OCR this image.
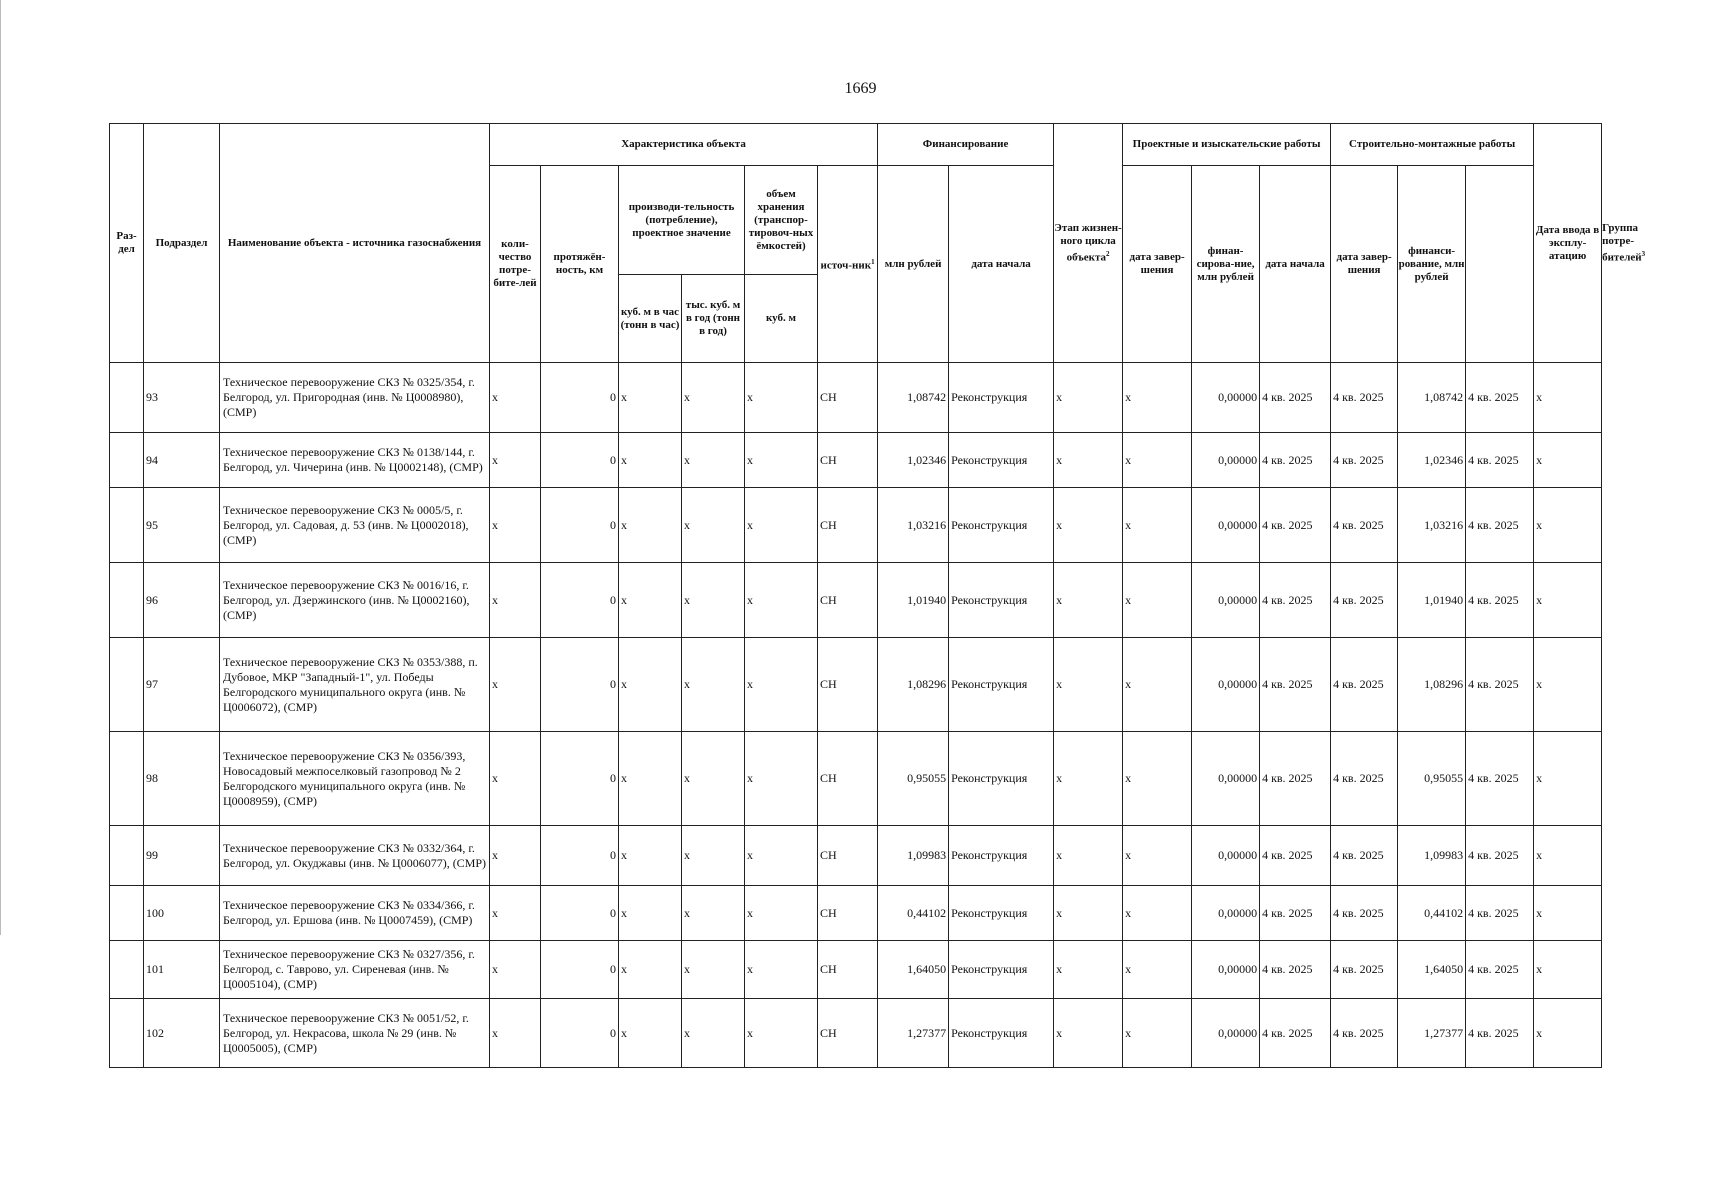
1669
Раз-дел	Подраздел	Наименование объекта - источника газоснабжения	Характеристика объекта						Финансирование		Этап жизнен-ного цикла объекта$^2$	Проектные и изыскательские работы			Строительно-монтажные работы			Дата ввода в эксплу-атацию	Группа потре-бителей$^3$
			коли-чество потре-бите-лей	протяжён-ность, км	производи-тельность (потребление), проектное значение		объем хранения (транспор-тировоч-ных ёмкостей)	источ-ник$^1$	млн рублей	дата начала		дата завер-шения	финан-сирова-ние, млн рублей	дата начала	дата завер-шения	финанси-рование, млн рублей			
					куб. м в час (тонн в час)	тыс. куб. м в год (тонн в год)	куб. м												
	93	Техническое перевооружение СКЗ № 0325/354, г. Белгород, ул. Пригородная (инв. № Ц0008980), (СМР)	x	0	x	x	x	СН	1,08742	Реконструкция	x	x	0,00000	4 кв. 2025	4 кв. 2025	1,08742	4 кв. 2025	x	
	94	Техническое перевооружение СКЗ № 0138/144, г. Белгород, ул. Чичерина (инв. № Ц0002148), (СМР)	x	0	x	x	x	СН	1,02346	Реконструкция	x	x	0,00000	4 кв. 2025	4 кв. 2025	1,02346	4 кв. 2025	x	
	95	Техническое перевооружение СКЗ № 0005/5, г. Белгород, ул. Садовая, д. 53 (инв. № Ц0002018), (СМР)	x	0	x	x	x	СН	1,03216	Реконструкция	x	x	0,00000	4 кв. 2025	4 кв. 2025	1,03216	4 кв. 2025	x	
	96	Техническое перевооружение СКЗ № 0016/16, г. Белгород, ул. Дзержинского (инв. № Ц0002160), (СМР)	x	0	x	x	x	СН	1,01940	Реконструкция	x	x	0,00000	4 кв. 2025	4 кв. 2025	1,01940	4 кв. 2025	x	
	97	Техническое перевооружение СКЗ № 0353/388, п. Дубовое, МКР "Западный-1", ул. Победы Белгородского муниципального округа (инв. № Ц0006072), (СМР)	x	0	x	x	x	СН	1,08296	Реконструкция	x	x	0,00000	4 кв. 2025	4 кв. 2025	1,08296	4 кв. 2025	x	
	98	Техническое перевооружение СКЗ № 0356/393, Новосадовый межпоселковый газопровод № 2 Белгородского муниципального округа (инв. № Ц0008959), (СМР)	x	0	x	x	x	СН	0,95055	Реконструкция	x	x	0,00000	4 кв. 2025	4 кв. 2025	0,95055	4 кв. 2025	x	
	99	Техническое перевооружение СКЗ № 0332/364, г. Белгород, ул. Окуджавы (инв. № Ц0006077), (СМР)	x	0	x	x	x	СН	1,09983	Реконструкция	x	x	0,00000	4 кв. 2025	4 кв. 2025	1,09983	4 кв. 2025	x	
	100	Техническое перевооружение СКЗ № 0334/366, г. Белгород, ул. Ершова (инв. № Ц0007459), (СМР)	x	0	x	x	x	СН	0,44102	Реконструкция	x	x	0,00000	4 кв. 2025	4 кв. 2025	0,44102	4 кв. 2025	x	
	101	Техническое перевооружение СКЗ № 0327/356, г. Белгород, с. Таврово, ул. Сиреневая (инв. № Ц0005104), (СМР)	x	0	x	x	x	СН	1,64050	Реконструкция	x	x	0,00000	4 кв. 2025	4 кв. 2025	1,64050	4 кв. 2025	x	
	102	Техническое перевооружение СКЗ № 0051/52, г. Белгород, ул. Некрасова, школа № 29 (инв. № Ц0005005), (СМР)	x	0	x	x	x	СН	1,27377	Реконструкция	x	x	0,00000	4 кв. 2025	4 кв. 2025	1,27377	4 кв. 2025	x	
